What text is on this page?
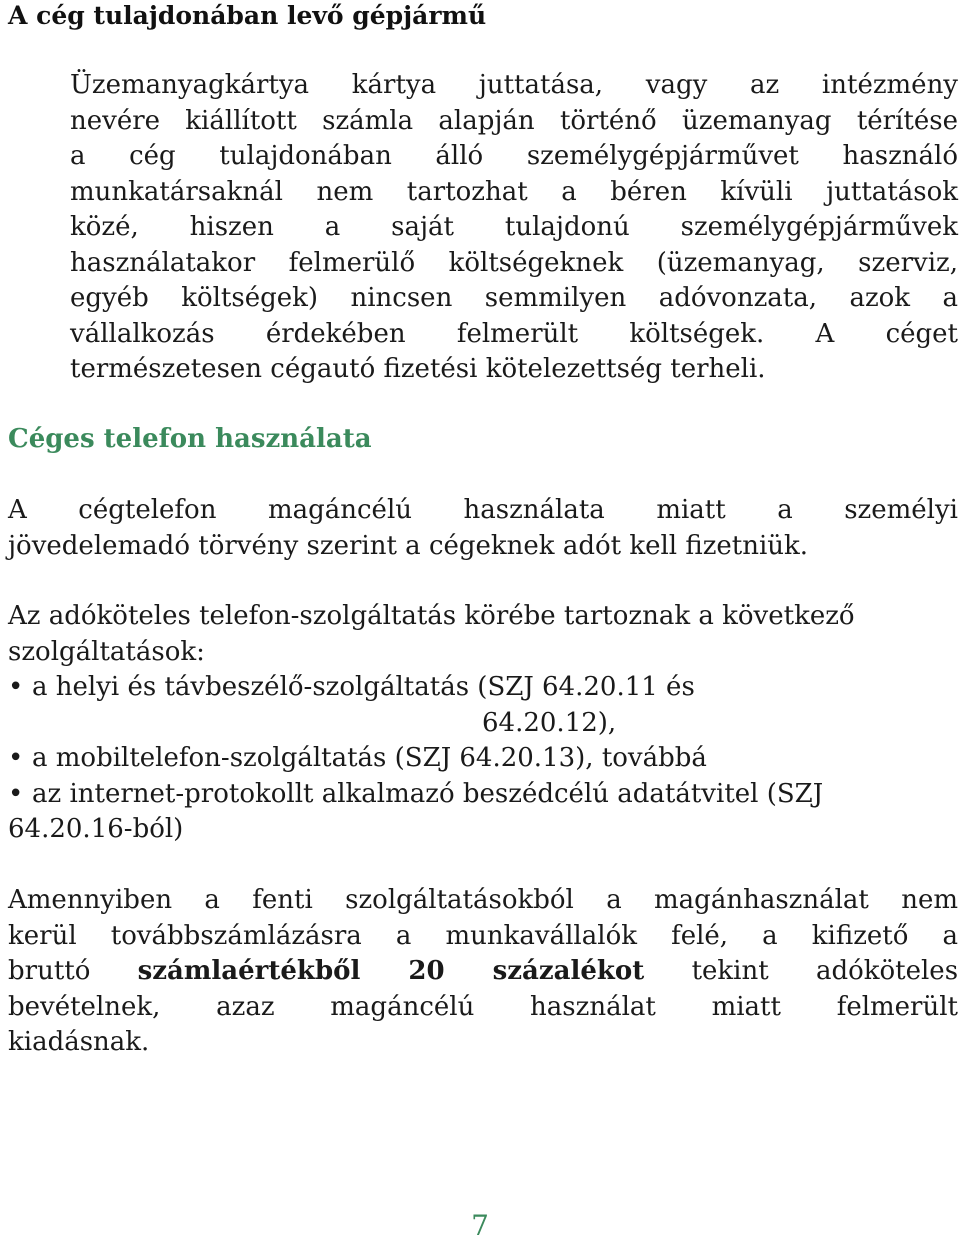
A cég tulajdonában levő gépjármű
Üzemanyagkártya kártya juttatása, vagy az intézmény
nevére kiállított számla alapján történő üzemanyag térítése
a cég tulajdonában álló személygépjárművet használó
munkatársaknál nem tartozhat a béren kívüli juttatások
közé, hiszen a saját tulajdonú személygépjárművek
használatakor felmerülő költségeknek (üzemanyag, szerviz,
egyéb költségek) nincsen semmilyen adóvonzata, azok a
vállalkozás érdekében felmerült költségek. A céget
természetesen cégautó fizetési kötelezettség terheli.
Céges telefon használata
A cégtelefon magáncélú használata miatt a személyi
jövedelemadó törvény szerint a cégeknek adót kell fizetniük.
Az adóköteles telefon-szolgáltatás körébe tartoznak a következő
szolgáltatások:
• a helyi és távbeszélő-szolgáltatás (SZJ 64.20.11 és
64.20.12),
• a mobiltelefon-szolgáltatás (SZJ 64.20.13), továbbá
• az internet-protokollt alkalmazó beszédcélú adatátvitel (SZJ
64.20.16-ból)
Amennyiben a fenti szolgáltatásokból a magánhasználat nem
kerül továbbszámlázásra a munkavállalók felé, a kifizető a
bruttó számlaértékből 20 százalékot tekint adóköteles
bevételnek, azaz magáncélú használat miatt felmerült
kiadásnak.
7
